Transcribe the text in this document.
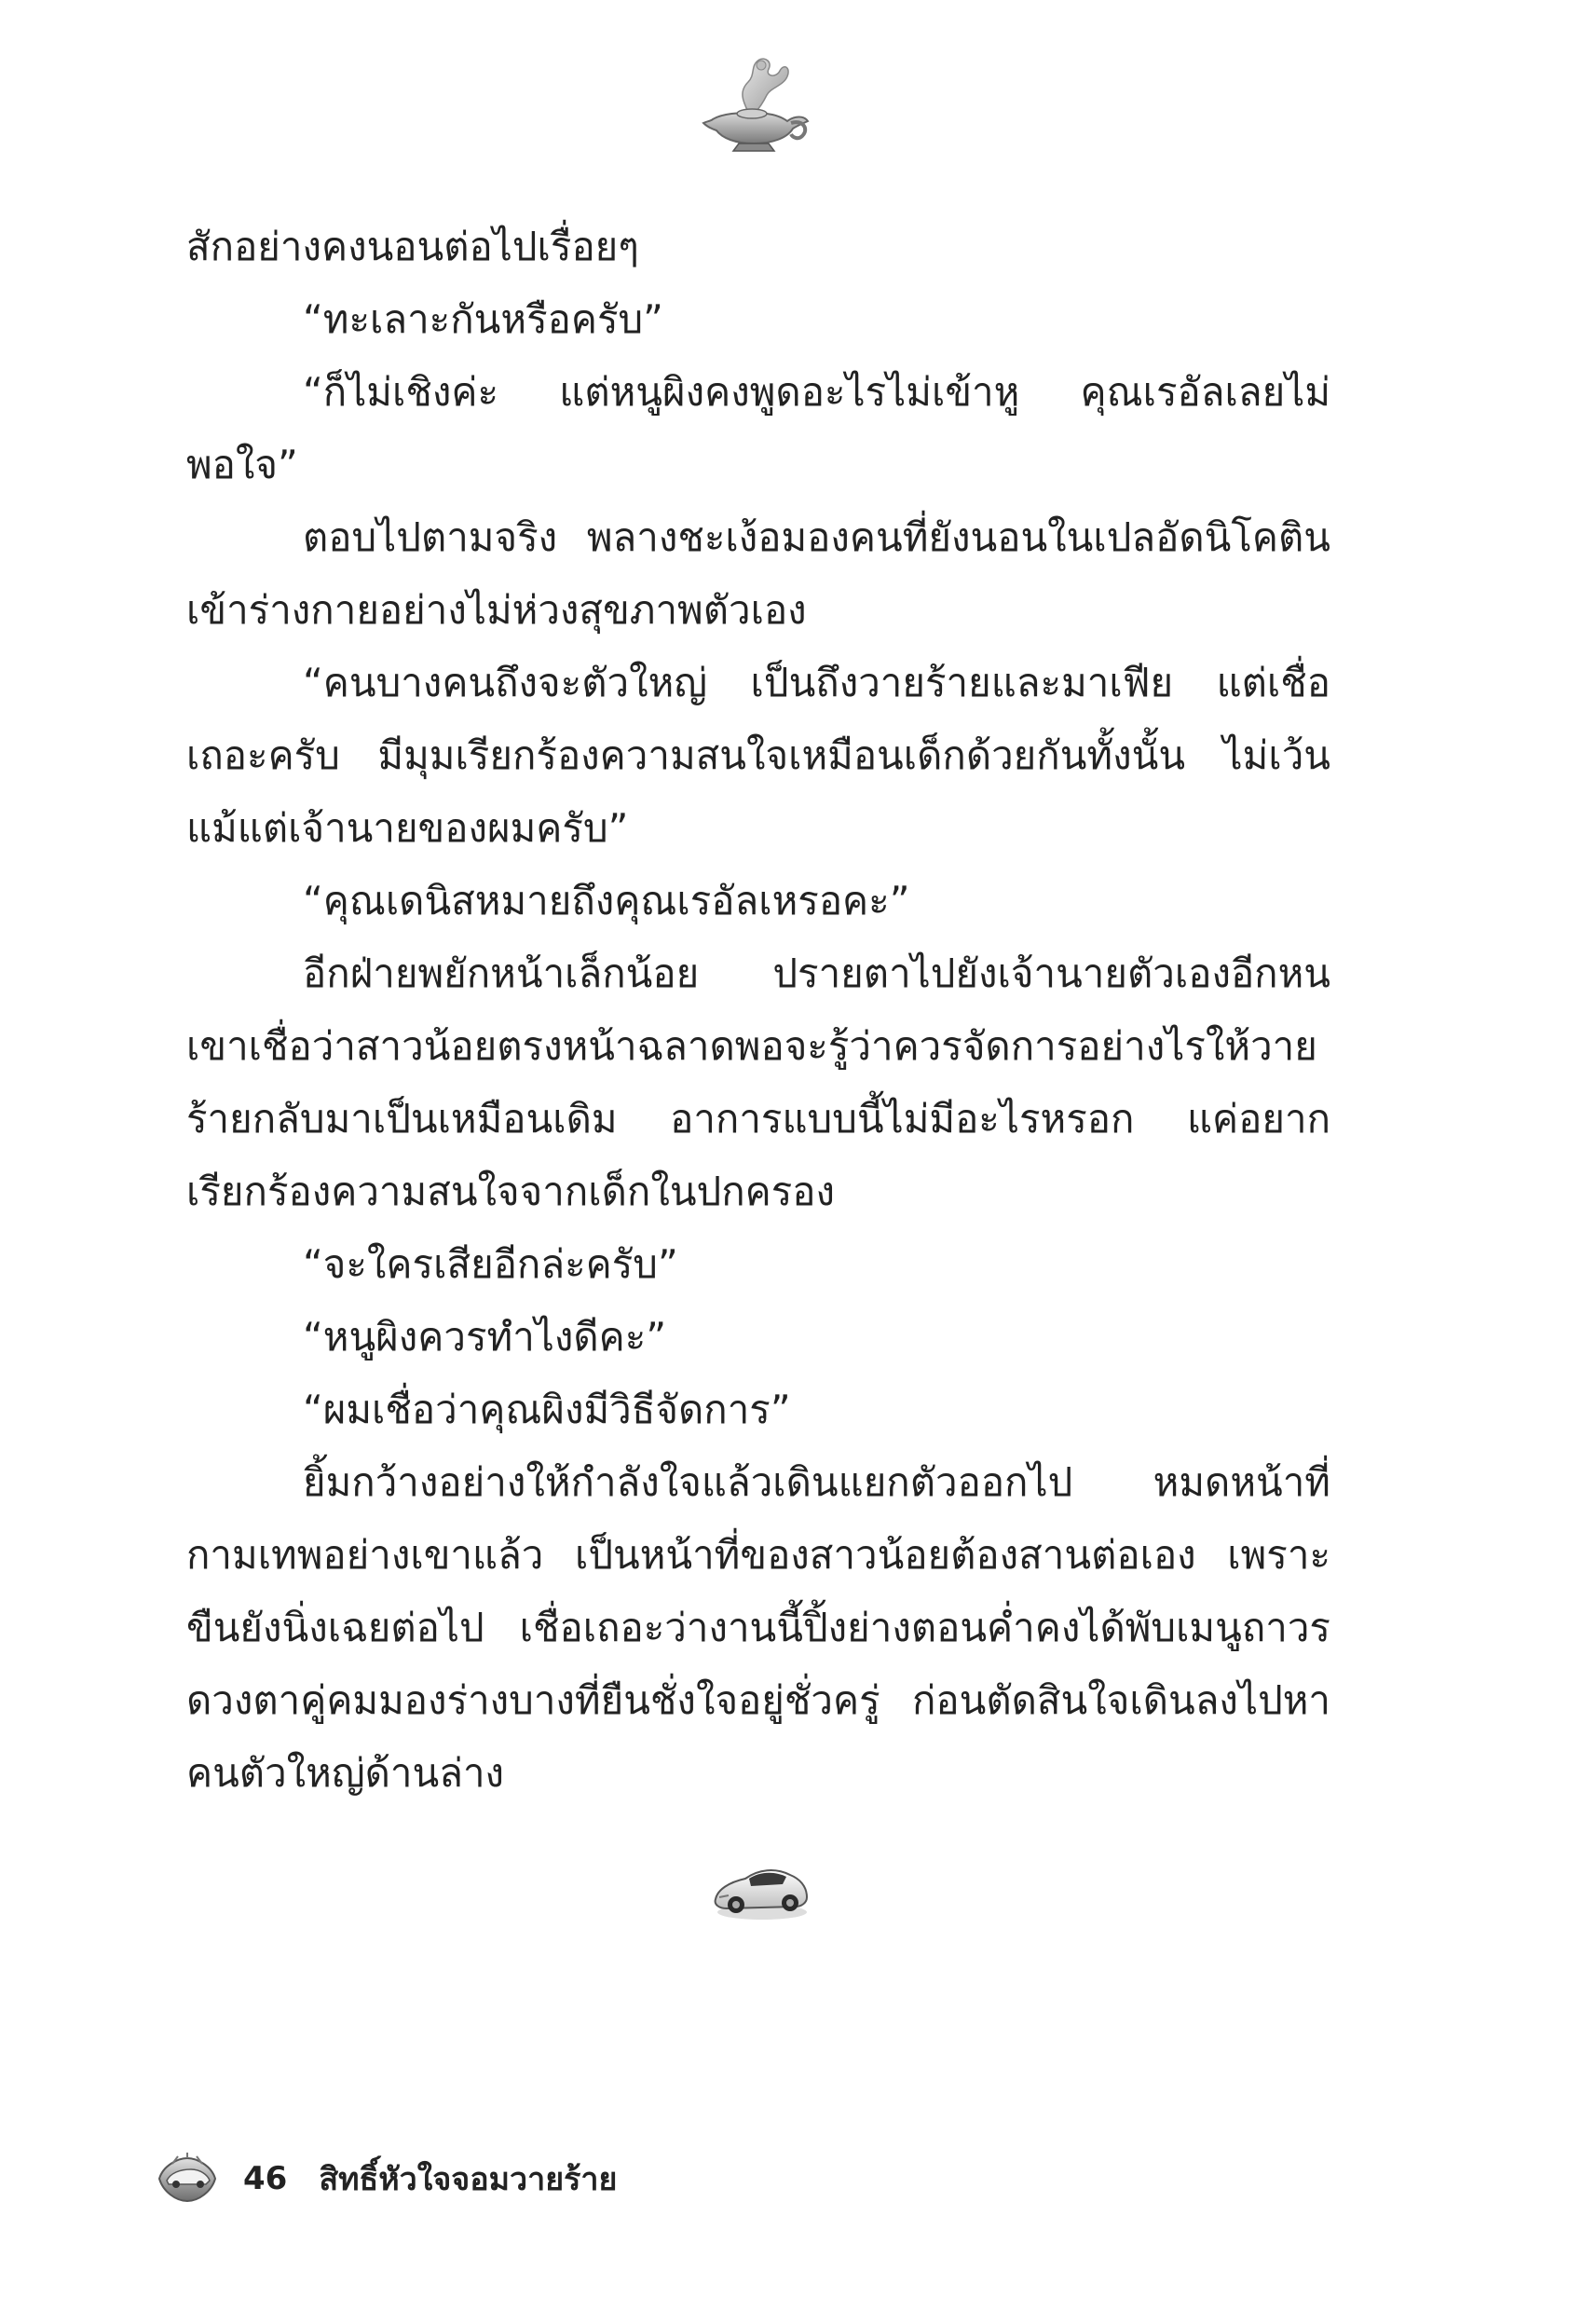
สักอย่างคงนอนต่อไปเรื่อยๆ

“ทะเลาะกันหรือครับ”

“ก็ไม่เชิงค่ะ แต่หนูผิงคงพูดอะไรไม่เข้าหู คุณเรอัลเลยไม่พอใจ”

ตอบไปตามจริง พลางชะเง้อมองคนที่ยังนอนในเปลอัดนิโคติน เข้าร่างกายอย่างไม่ห่วงสุขภาพตัวเอง

“คนบางคนถึงจะตัวใหญ่ เป็นถึงวายร้ายและมาเฟีย แต่เชื่อเถอะครับ มีมุมเรียกร้องความสนใจเหมือนเด็กด้วยกันทั้งนั้น ไม่เว้นแม้แต่เจ้านายของผมครับ”

“คุณเดนิสหมายถึงคุณเรอัลเหรอคะ”

อีกฝ่ายพยักหน้าเล็กน้อย ปรายตาไปยังเจ้านายตัวเองอีกหน เขาเชื่อว่าสาวน้อยตรงหน้าฉลาดพอจะรู้ว่าควรจัดการอย่างไรให้วายร้ายกลับมาเป็นเหมือนเดิม อาการแบบนี้ไม่มีอะไรหรอก แค่อยากเรียกร้องความสนใจจากเด็กในปกครอง

“จะใครเสียอีกล่ะครับ”

“หนูผิงควรทำไงดีคะ”

“ผมเชื่อว่าคุณผิงมีวิธีจัดการ”

ยิ้มกว้างอย่างให้กำลังใจแล้วเดินแยกตัวออกไป หมดหน้าที่กามเทพอย่างเขาแล้ว เป็นหน้าที่ของสาวน้อยต้องสานต่อเอง เพราะขืนยังนิ่งเฉยต่อไป เชื่อเถอะว่างานนี้ปิ้งย่างตอนค่ำคงได้พับเมนูถาวร ดวงตาคู่คมมองร่างบางที่ยืนชั่งใจอยู่ชั่วครู่ ก่อนตัดสินใจเดินลงไปหาคนตัวใหญ่ด้านล่าง

46 สิทธิ์หัวใจจอมวายร้าย
